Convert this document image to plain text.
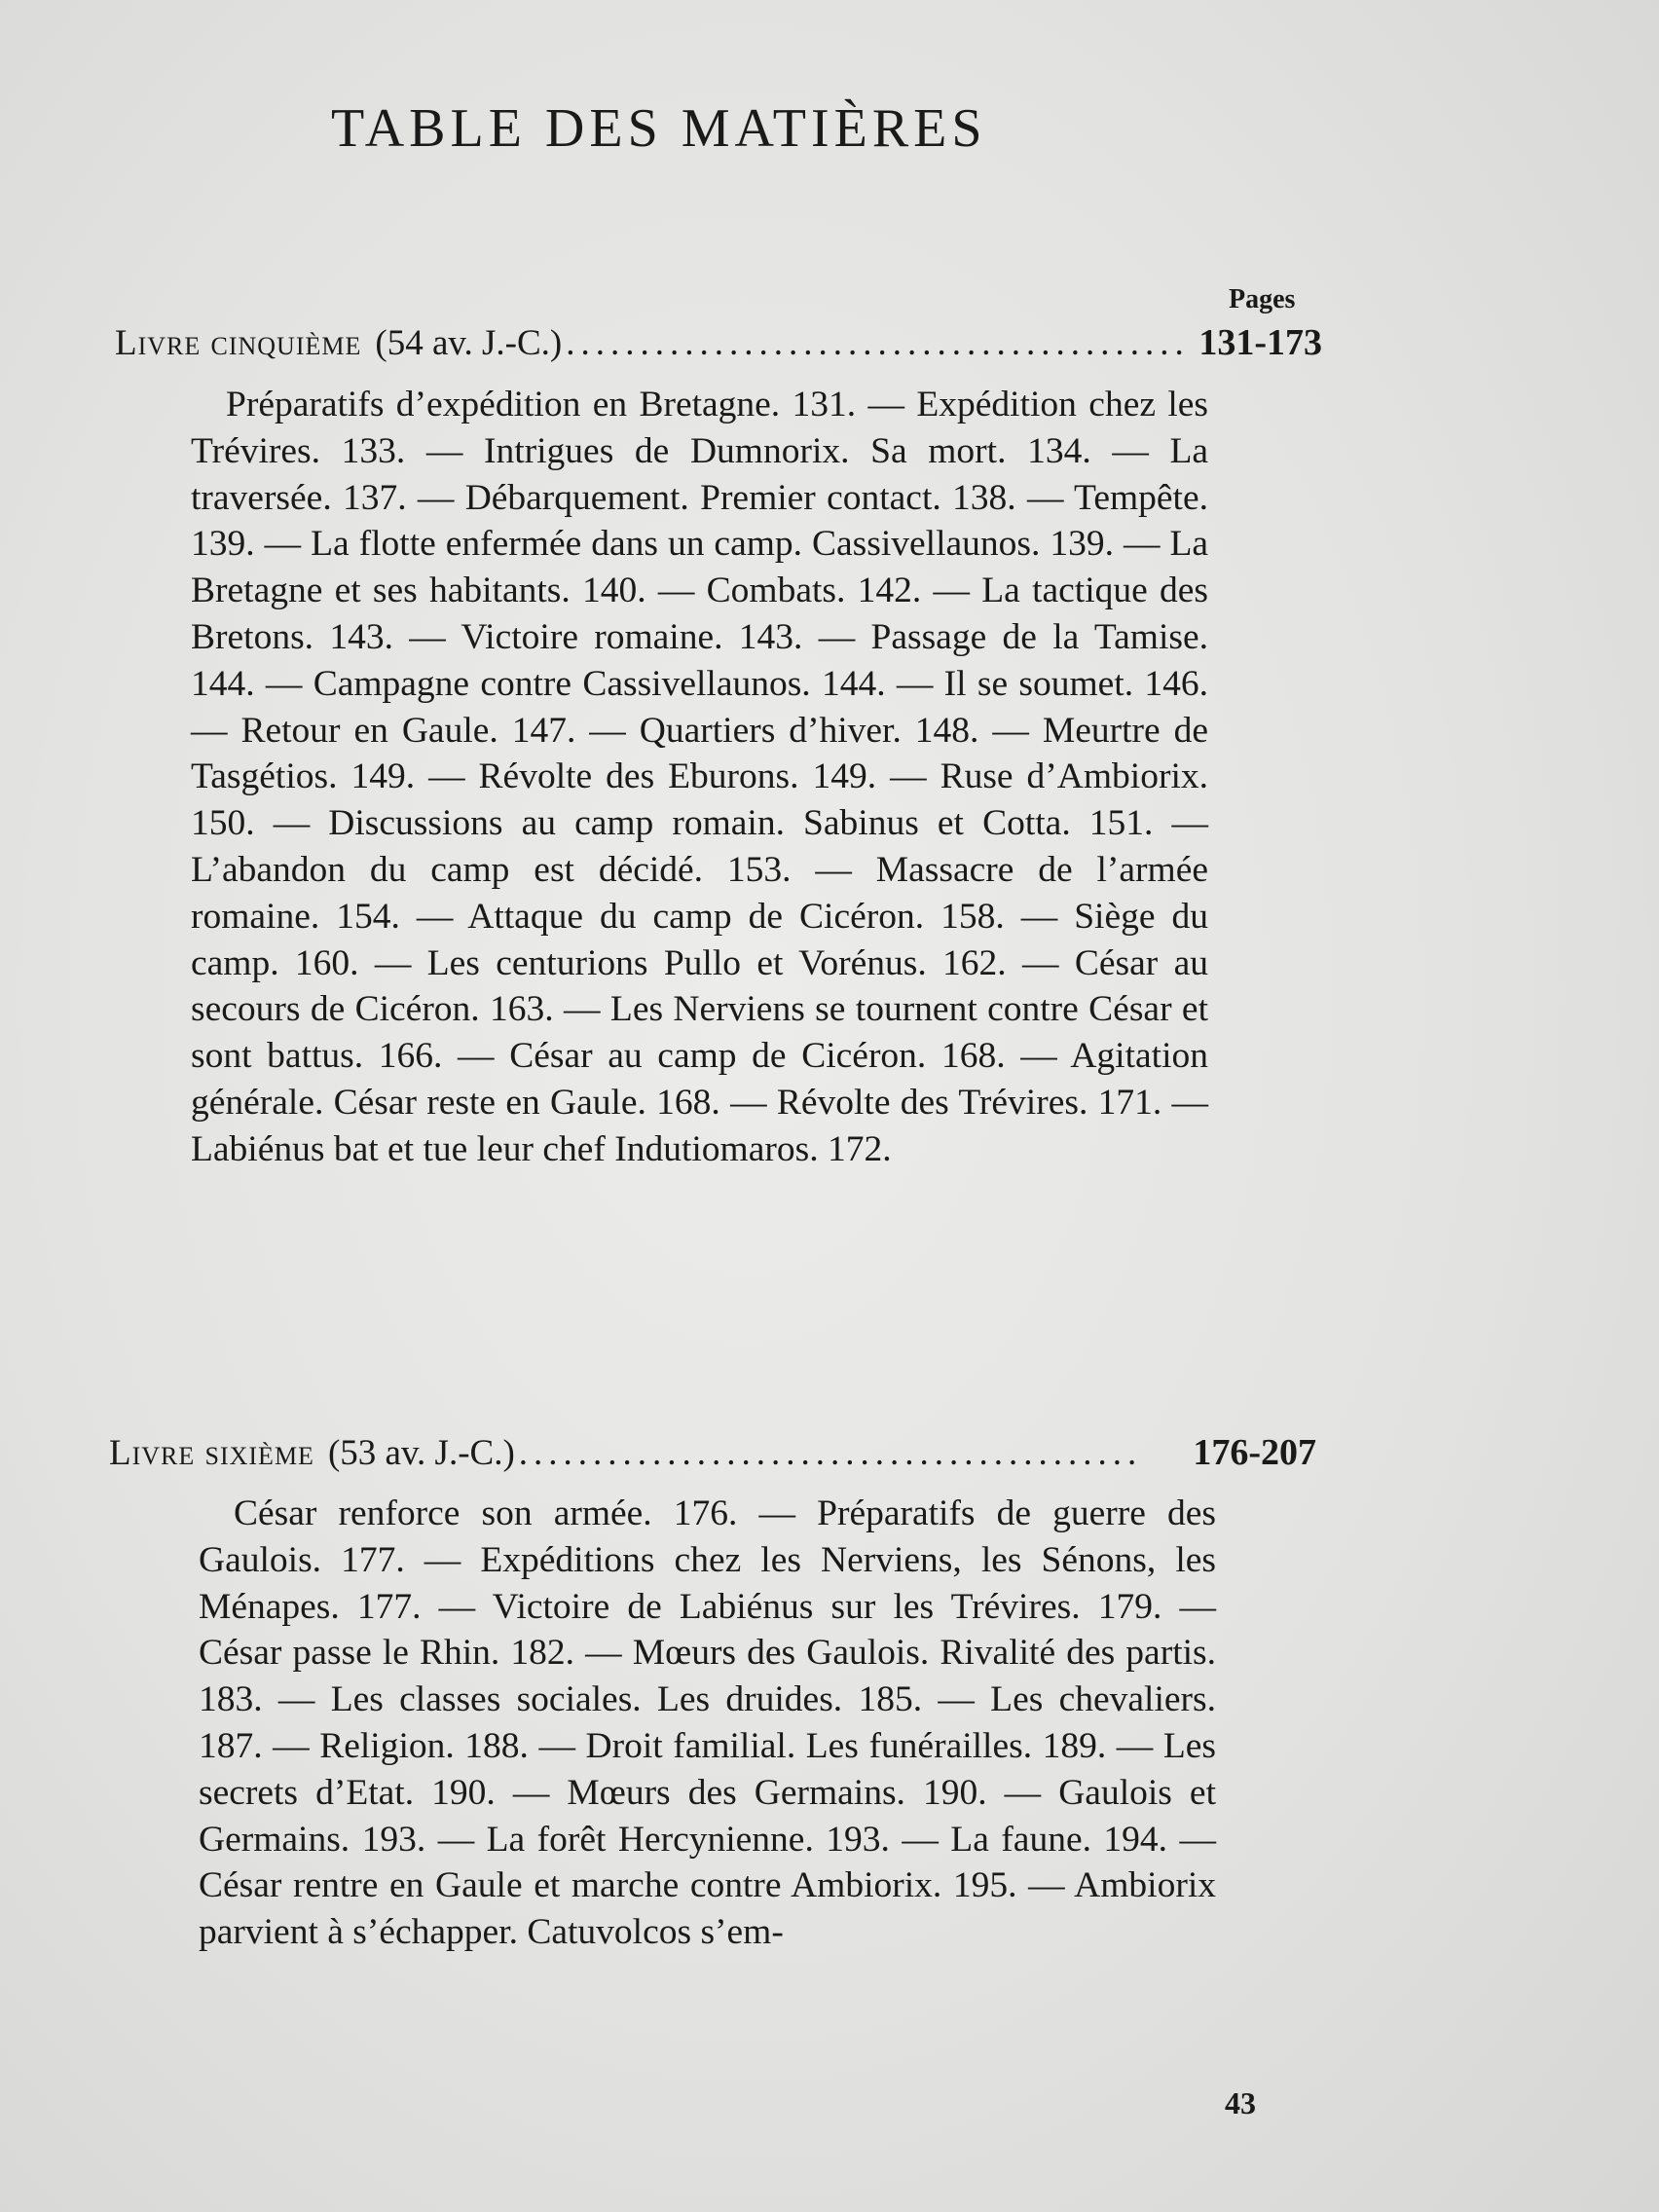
TABLE DES MATIÈRES
Pages
Livre cinquième (54 av. J.-C.) .......................................... 131-173

Préparatifs d’expédition en Bretagne. 131. — Expédition chez les Trévires. 133. — Intrigues de Dumnorix. Sa mort. 134. — La traversée. 137. — Débarquement. Premier contact. 138. — Tempête. 139. — La flotte enfermée dans un camp. Cassivellaunos. 139. — La Bretagne et ses habitants. 140. — Combats. 142. — La tactique des Bretons. 143. — Victoire romaine. 143. — Passage de la Tamise. 144. — Campagne contre Cassivellaunos. 144. — Il se soumet. 146. — Retour en Gaule. 147. — Quartiers d’hiver. 148. — Meurtre de Tasgétios. 149. — Révolte des Eburons. 149. — Ruse d’Ambiorix. 150. — Discussions au camp romain. Sabinus et Cotta. 151. — L’abandon du camp est décidé. 153. — Massacre de l’armée romaine. 154. — Attaque du camp de Cicéron. 158. — Siège du camp. 160. — Les centurions Pullo et Vorénus. 162. — César au secours de Cicéron. 163. — Les Nerviens se tournent contre César et sont battus. 166. — César au camp de Cicéron. 168. — Agitation générale. César reste en Gaule. 168. — Révolte des Trévires. 171. — Labiénus bat et tue leur chef Indutiomaros. 172.

Livre sixième (53 av. J.-C.) ..........................................	176-207

César renforce son armée. 176. — Préparatifs de guerre des Gaulois. 177. — Expéditions chez les Nerviens, les Sénons, les Ménapes. 177. — Victoire de Labiénus sur les Trévires. 179. — César passe le Rhin. 182. — Mœurs des Gaulois. Rivalité des partis. 183. — Les classes sociales. Les druides. 185. — Les chevaliers. 187. — Religion. 188. — Droit familial. Les funérailles. 189. — Les secrets d’Etat. 190. — Mœurs des Germains. 190. — Gaulois et Germains. 193. — La forêt Hercynienne. 193. — La faune. 194. — César rentre en Gaule et marche contre Ambiorix. 195. — Ambiorix parvient à s’échapper. Catuvolcos s’em-

43
